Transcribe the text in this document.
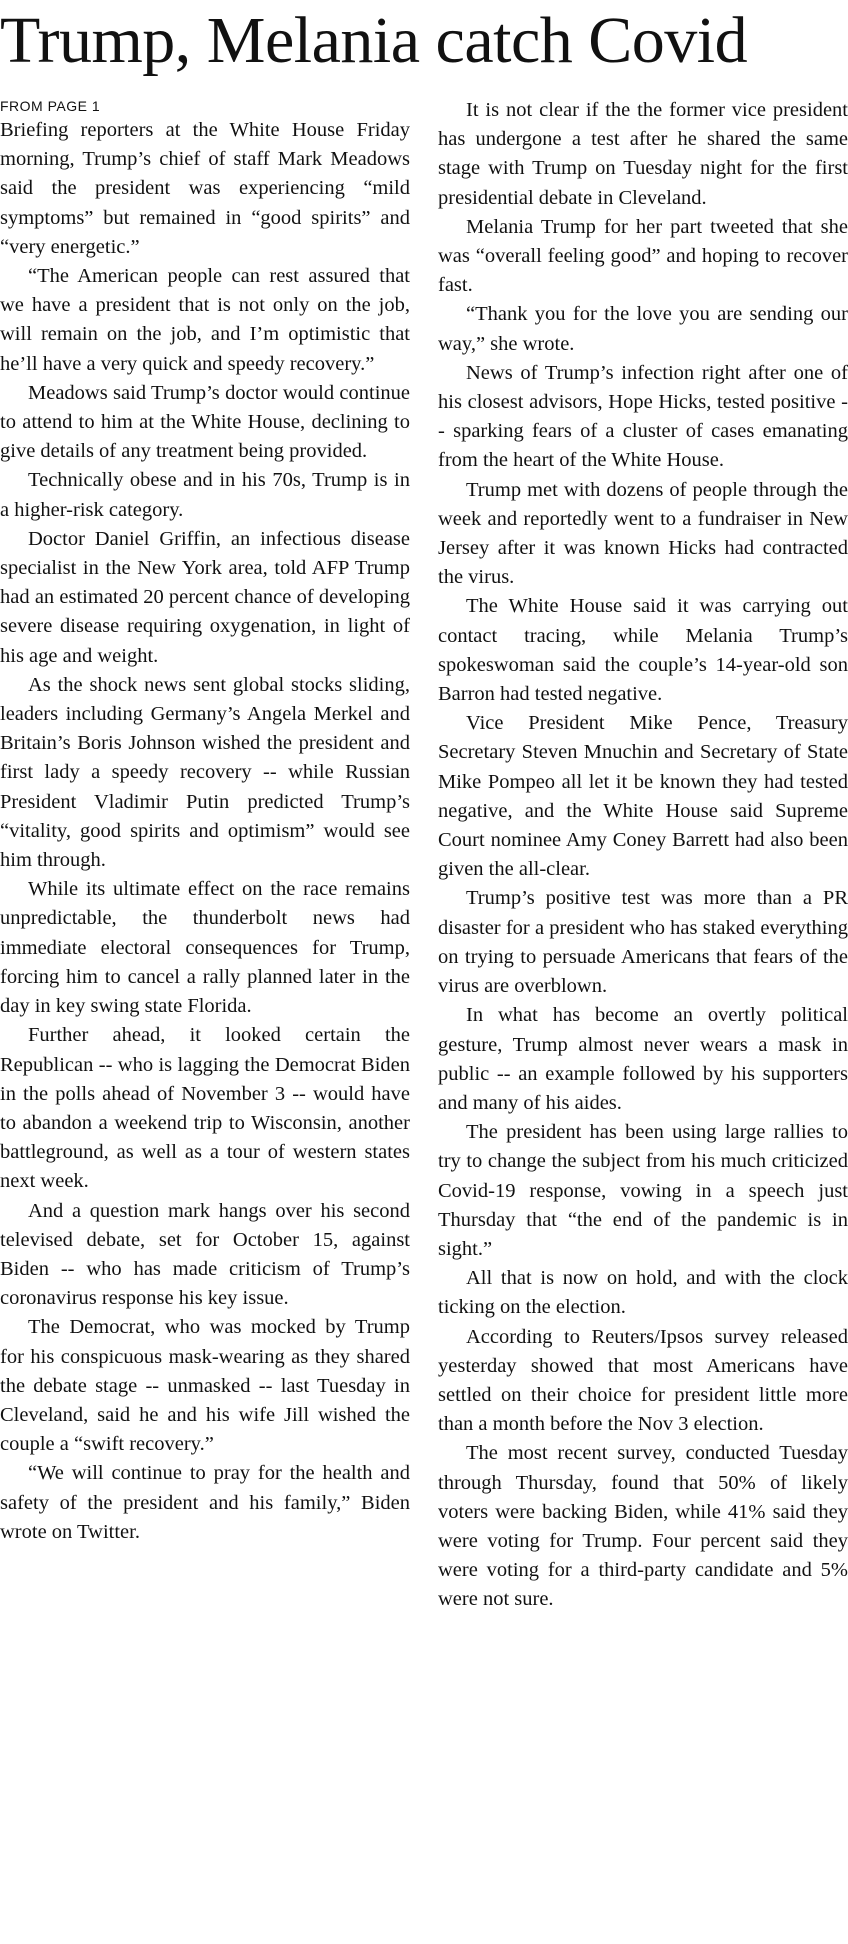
Trump, Melania catch Covid
FROM PAGE 1

Briefing reporters at the White House Friday morning, Trump’s chief of staff Mark Meadows said the president was experiencing “mild symptoms” but remained in “good spirits” and “very energetic.”

“The American people can rest assured that we have a president that is not only on the job, will remain on the job, and I’m optimistic that he’ll have a very quick and speedy recovery.”

Meadows said Trump’s doctor would continue to attend to him at the White House, declining to give details of any treatment being provided.

Technically obese and in his 70s, Trump is in a higher-risk category.

Doctor Daniel Griffin, an infectious disease specialist in the New York area, told AFP Trump had an estimated 20 percent chance of developing severe disease requiring oxygenation, in light of his age and weight.

As the shock news sent global stocks sliding, leaders including Germany’s Angela Merkel and Britain’s Boris Johnson wished the president and first lady a speedy recovery -- while Russian President Vladimir Putin predicted Trump’s “vitality, good spirits and optimism” would see him through.

While its ultimate effect on the race remains unpredictable, the thunderbolt news had immediate electoral consequences for Trump, forcing him to cancel a rally planned later in the day in key swing state Florida.

Further ahead, it looked certain the Republican -- who is lagging the Democrat Biden in the polls ahead of November 3 -- would have to abandon a weekend trip to Wisconsin, another battleground, as well as a tour of western states next week.

And a question mark hangs over his second televised debate, set for October 15, against Biden -- who has made criticism of Trump’s coronavirus response his key issue.

The Democrat, who was mocked by Trump for his conspicuous mask-wearing as they shared the debate stage -- unmasked -- last Tuesday in Cleveland, said he and his wife Jill wished the couple a “swift recovery.”

“We will continue to pray for the health and safety of the president and his family,” Biden wrote on Twitter.

It is not clear if the the former vice president has undergone a test after he shared the same stage with Trump on Tuesday night for the first presidential debate in Cleveland.

Melania Trump for her part tweeted that she was “overall feeling good” and hoping to recover fast.

“Thank you for the love you are sending our way,” she wrote.

News of Trump’s infection right after one of his closest advisors, Hope Hicks, tested positive -- sparking fears of a cluster of cases emanating from the heart of the White House.

Trump met with dozens of people through the week and reportedly went to a fundraiser in New Jersey after it was known Hicks had contracted the virus.

The White House said it was carrying out contact tracing, while Melania Trump’s spokeswoman said the couple’s 14-year-old son Barron had tested negative.

Vice President Mike Pence, Treasury Secretary Steven Mnuchin and Secretary of State Mike Pompeo all let it be known they had tested negative, and the White House said Supreme Court nominee Amy Coney Barrett had also been given the all-clear.

Trump’s positive test was more than a PR disaster for a president who has staked everything on trying to persuade Americans that fears of the virus are overblown.

In what has become an overtly political gesture, Trump almost never wears a mask in public -- an example followed by his supporters and many of his aides.

The president has been using large rallies to try to change the subject from his much criticized Covid-19 response, vowing in a speech just Thursday that “the end of the pandemic is in sight.”

All that is now on hold, and with the clock ticking on the election.

According to Reuters/Ipsos survey released yesterday showed that most Americans have settled on their choice for president little more than a month before the Nov 3 election.

The most recent survey, conducted Tuesday through Thursday, found that 50% of likely voters were backing Biden, while 41% said they were voting for Trump. Four percent said they were voting for a third-party candidate and 5% were not sure.
